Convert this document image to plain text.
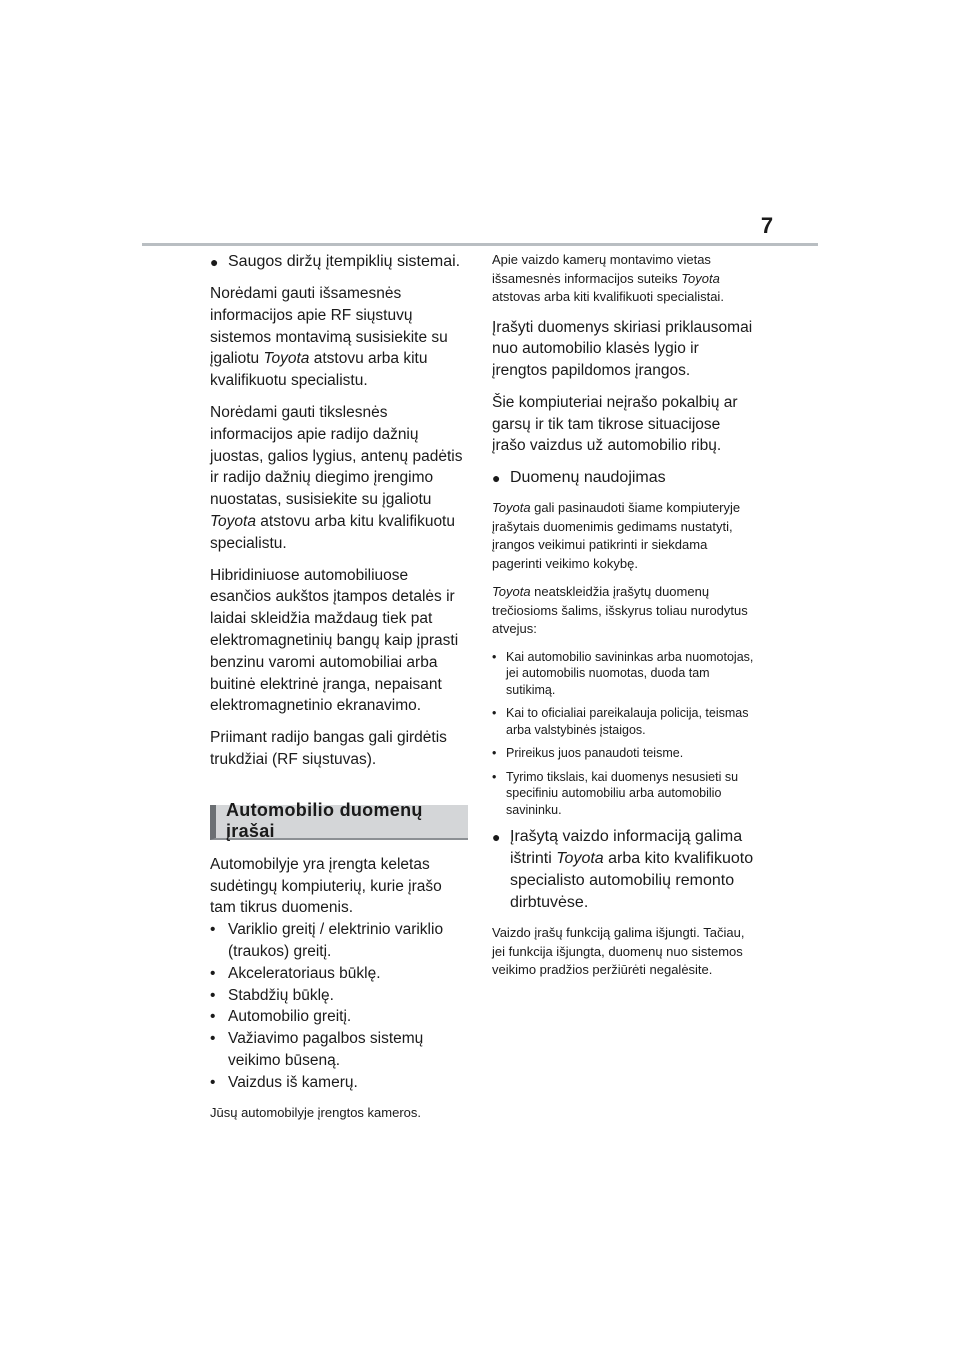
7
● Saugos diržų įtempiklių sistemai.

Norėdami gauti išsamesnės informacijos apie RF siųstuvų sistemos montavimą susisiekite su įgaliotu Toyota atstovu arba kitu kvalifikuotu specialistu.

Norėdami gauti tikslesnės informacijos apie radijo dažnių juostas, galios lygius, antenų padėtis ir radijo dažnių diegimo įrengimo nuostatas, susisiekite su įgaliotu Toyota atstovu arba kitu kvalifikuotu specialistu.

Hibridiniuose automobiliuose esančios aukštos įtampos detalės ir laidai skleidžia maždaug tiek pat elektromagnetinių bangų kaip įprasti benzinu varomi automobiliai arba buitinė elektrinė įranga, nepaisant elektromagnetinio ekranavimo.

Priimant radijo bangas gali girdėtis trukdžiai (RF siųstuvas).

Automobilio duomenų įrašai

Automobilyje yra įrengta keletas sudėtingų kompiuterių, kurie įrašo tam tikrus duomenis.

• Variklio greitį / elektrinio variklio (traukos) greitį.
• Akceleratoriaus būklę.
• Stabdžių būklę.
• Automobilio greitį.
• Važiavimo pagalbos sistemų veikimo būseną.
• Vaizdus iš kamerų.

Jūsų automobilyje įrengtos kameros.

Apie vaizdo kamerų montavimo vietas išsamesnės informacijos suteiks Toyota atstovas arba kiti kvalifikuoti specialistai.

Įrašyti duomenys skiriasi priklausomai nuo automobilio klasės lygio ir įrengtos papildomos įrangos.

Šie kompiuteriai neįrašo pokalbių ar garsų ir tik tam tikrose situacijose įrašo vaizdus už automobilio ribų.

● Duomenų naudojimas

Toyota gali pasinaudoti šiame kompiuteryje įrašytais duomenimis gedimams nustatyti, įrangos veikimui patikrinti ir siekdama pagerinti veikimo kokybę.

Toyota neatskleidžia įrašytų duomenų trečiosioms šalims, išskyrus toliau nurodytus atvejus:

• Kai automobilio savininkas arba nuomotojas, jei automobilis nuomotas, duoda tam sutikimą.
• Kai to oficialiai pareikalauja policija, teismas arba valstybinės įstaigos.
• Prireikus juos panaudoti teisme.
• Tyrimo tikslais, kai duomenys nesusieti su specifiniu automobiliu arba automobilio savininku.
● Įrašytą vaizdo informaciją galima ištrinti Toyota arba kito kvalifikuoto specialisto automobilių remonto dirbtuvėse.

Vaizdo įrašų funkciją galima išjungti. Tačiau, jei funkcija išjungta, duomenų nuo sistemos veikimo pradžios peržiūrėti negalėsite.
